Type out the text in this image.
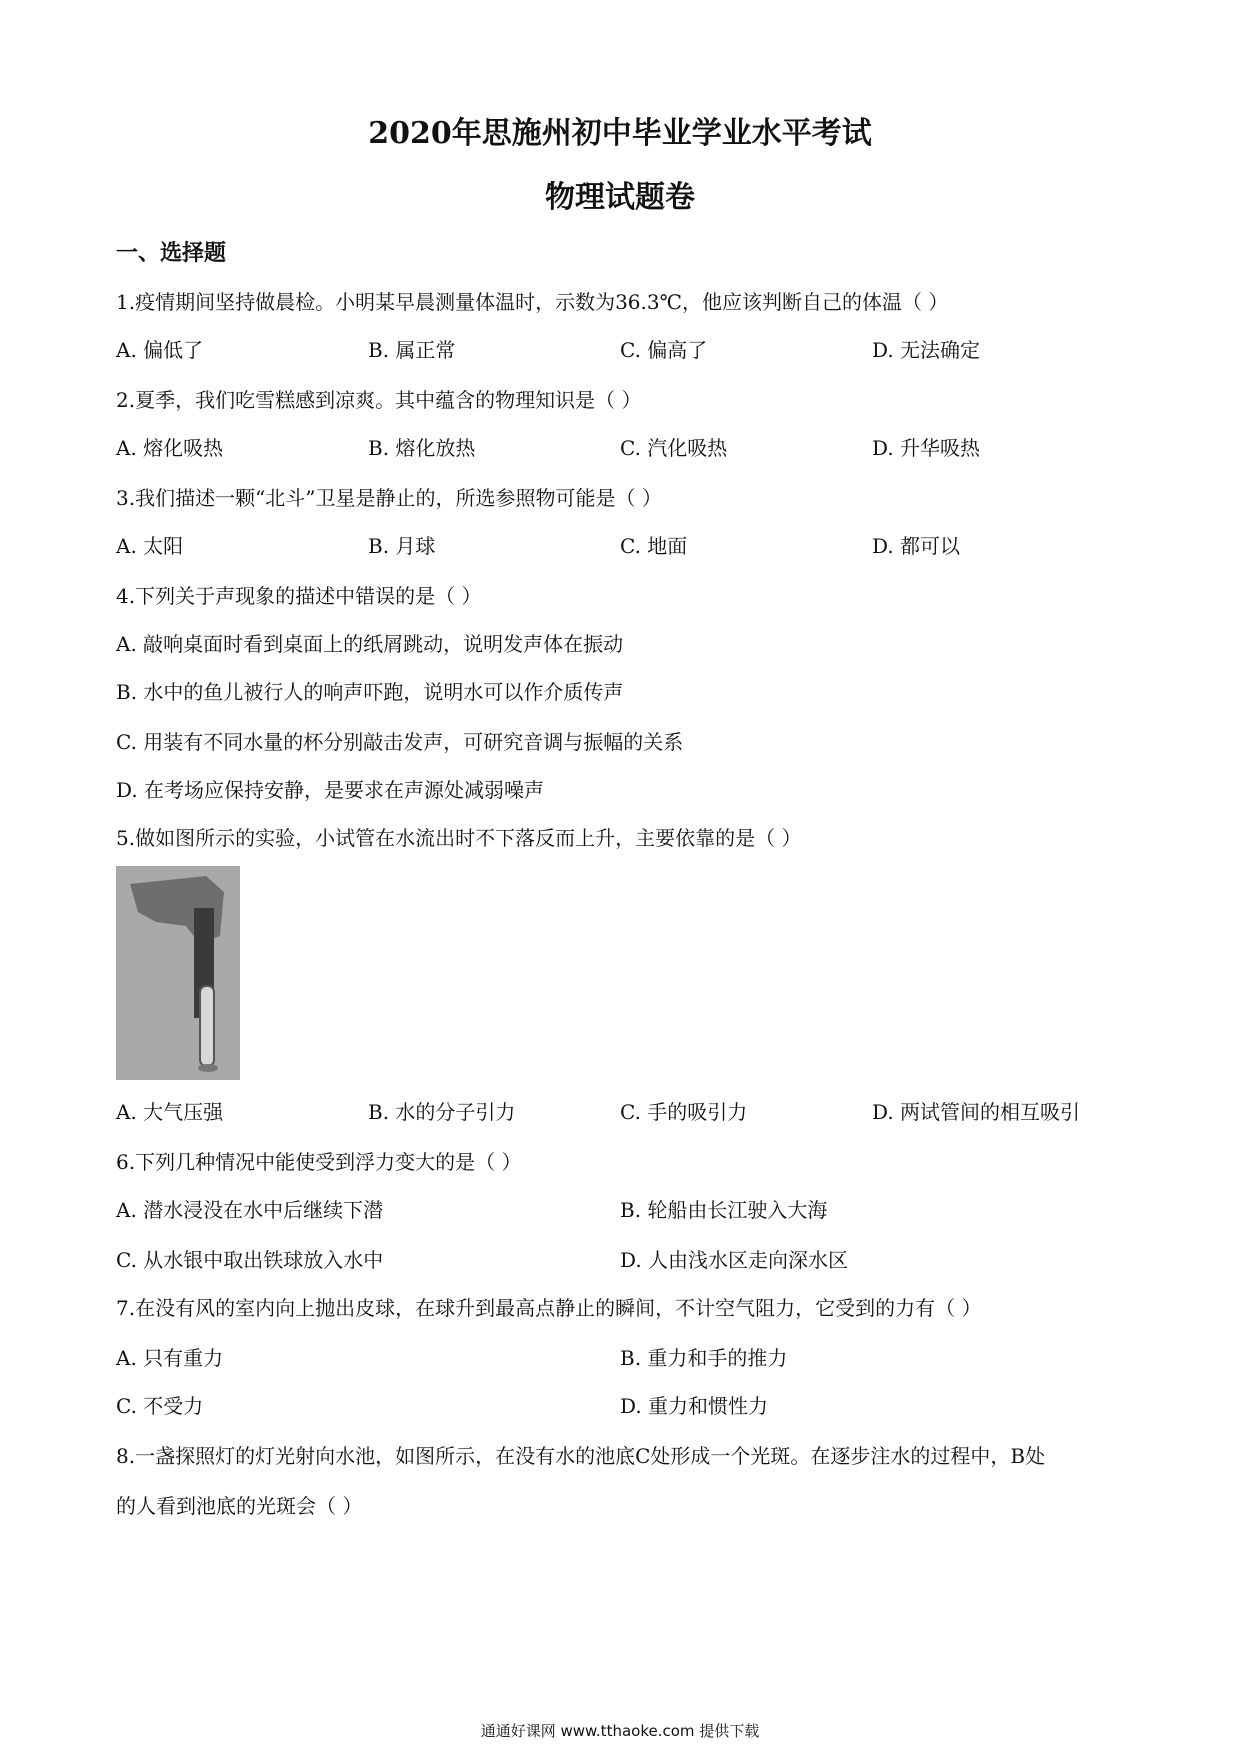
2020年思施州初中毕业学业水平考试
物理试题卷
一、选择题
1.疫情期间坚持做晨检。小明某早晨测量体温时，示数为36.3℃，他应该判断自己的体温（ ）
A. 偏低了	B. 属正常	C. 偏高了	D. 无法确定
2.夏季，我们吃雪糕感到凉爽。其中蕴含的物理知识是（ ）
A. 熔化吸热	B. 熔化放热	C. 汽化吸热	D. 升华吸热
3.我们描述一颗“北斗”卫星是静止的，所选参照物可能是（ ）
A. 太阳	B. 月球	C. 地面	D. 都可以
4.下列关于声现象的描述中错误的是（ ）
A. 敲响桌面时看到桌面上的纸屑跳动，说明发声体在振动
B. 水中的鱼儿被行人的响声吓跑，说明水可以作介质传声
C. 用装有不同水量的杯分别敲击发声，可研究音调与振幅的关系
D. 在考场应保持安静，是要求在声源处减弱噪声
5.做如图所示的实验，小试管在水流出时不下落反而上升，主要依靠的是（ ）
A. 大气压强	B. 水的分子引力	C. 手的吸引力	D. 两试管间的相互吸引
6.下列几种情况中能使受到浮力变大的是（ ）
A. 潜水浸没在水中后继续下潜	B. 轮船由长江驶入大海
C. 从水银中取出铁球放入水中	D. 人由浅水区走向深水区
7.在没有风的室内向上抛出皮球，在球升到最高点静止的瞬间，不计空气阻力，它受到的力有（ ）
A. 只有重力	B. 重力和手的推力
C. 不受力	D. 重力和惯性力
8.一盏探照灯的灯光射向水池，如图所示，在没有水的池底C处形成一个光斑。在逐步注水的过程中，B处
的人看到池底的光斑会（ ）
通通好课网 www.tthaoke.com 提供下载
